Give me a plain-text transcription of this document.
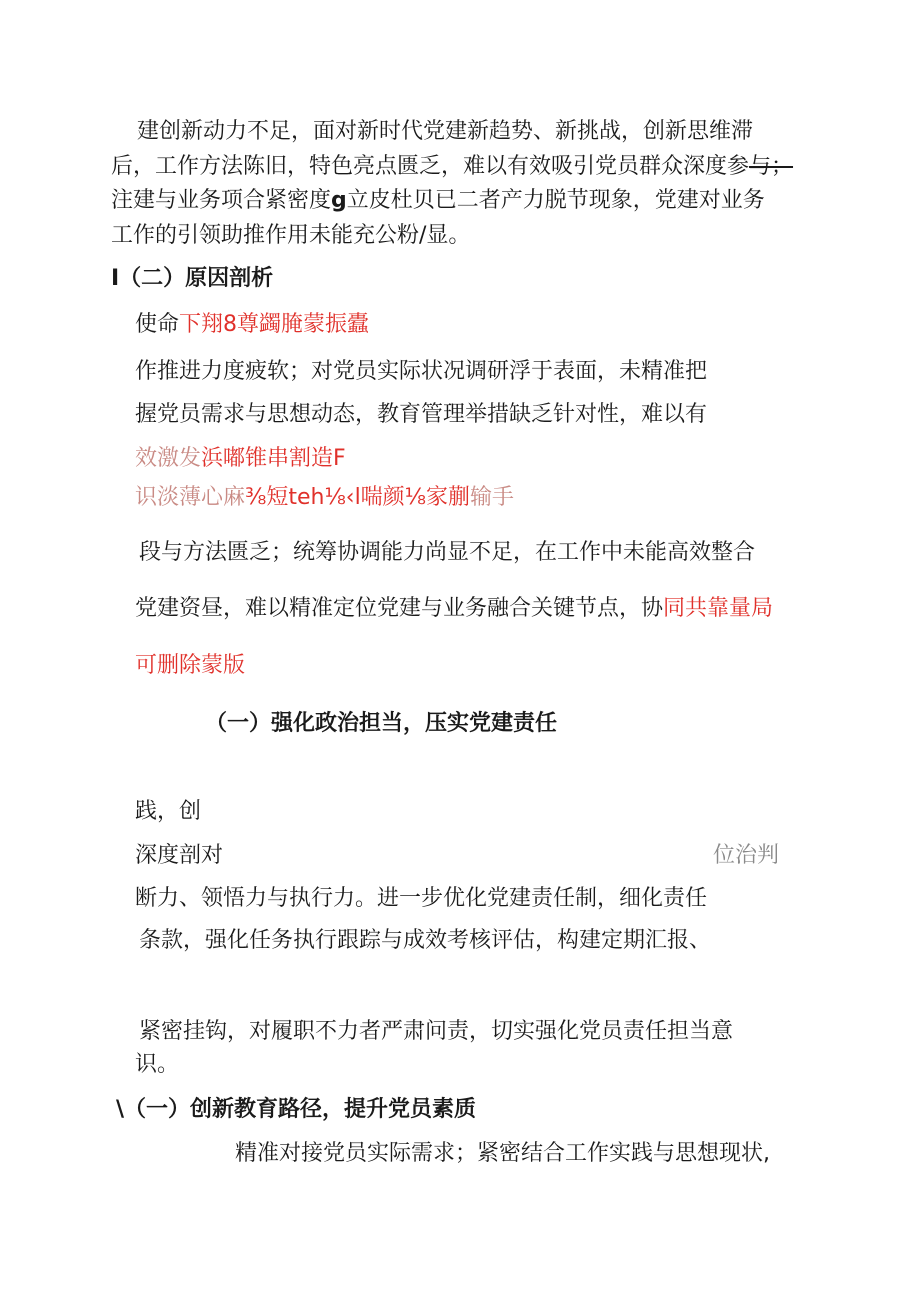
建创新动力不足，面对新时代党建新趋势、新挑战，创新思维滞
后，工作方法陈旧，特色亮点匮乏，难以有效吸引党员群众深度参与；
注建与业务项合紧密度g立皮杜贝已二者产力脱节现象，党建对业务
工作的引领助推作用未能充公粉/显。
I（二）原因剖析
使命下翔8尊蠲腌蒙振蠹
作推进力度疲软；对党员实际状况调研浮于表面，未精准把
握党员需求与思想动态，教育管理举措缺乏针对性，难以有
效激发浜嘟锥串割造F
识淡薄心麻⅜短teh⅛‹l喘颜⅛家蒯输手
段与方法匮乏；统筹协调能力尚显不足，在工作中未能高效整合
党建资昼，难以精准定位党建与业务融合关键节点，协同共靠量局
可删除蒙版
（一）强化政治担当，压实党建责任
践，创
深度剖对	位治判
断力、领悟力与执行力。进一步优化党建责任制，细化责任
条款，强化任务执行跟踪与成效考核评估，构建定期汇报、
紧密挂钩，对履职不力者严肃问责，切实强化党员责任担当意
识。
\（一）创新教育路径，提升党员素质
精准对接党员实际需求；紧密结合工作实践与思想现状,
